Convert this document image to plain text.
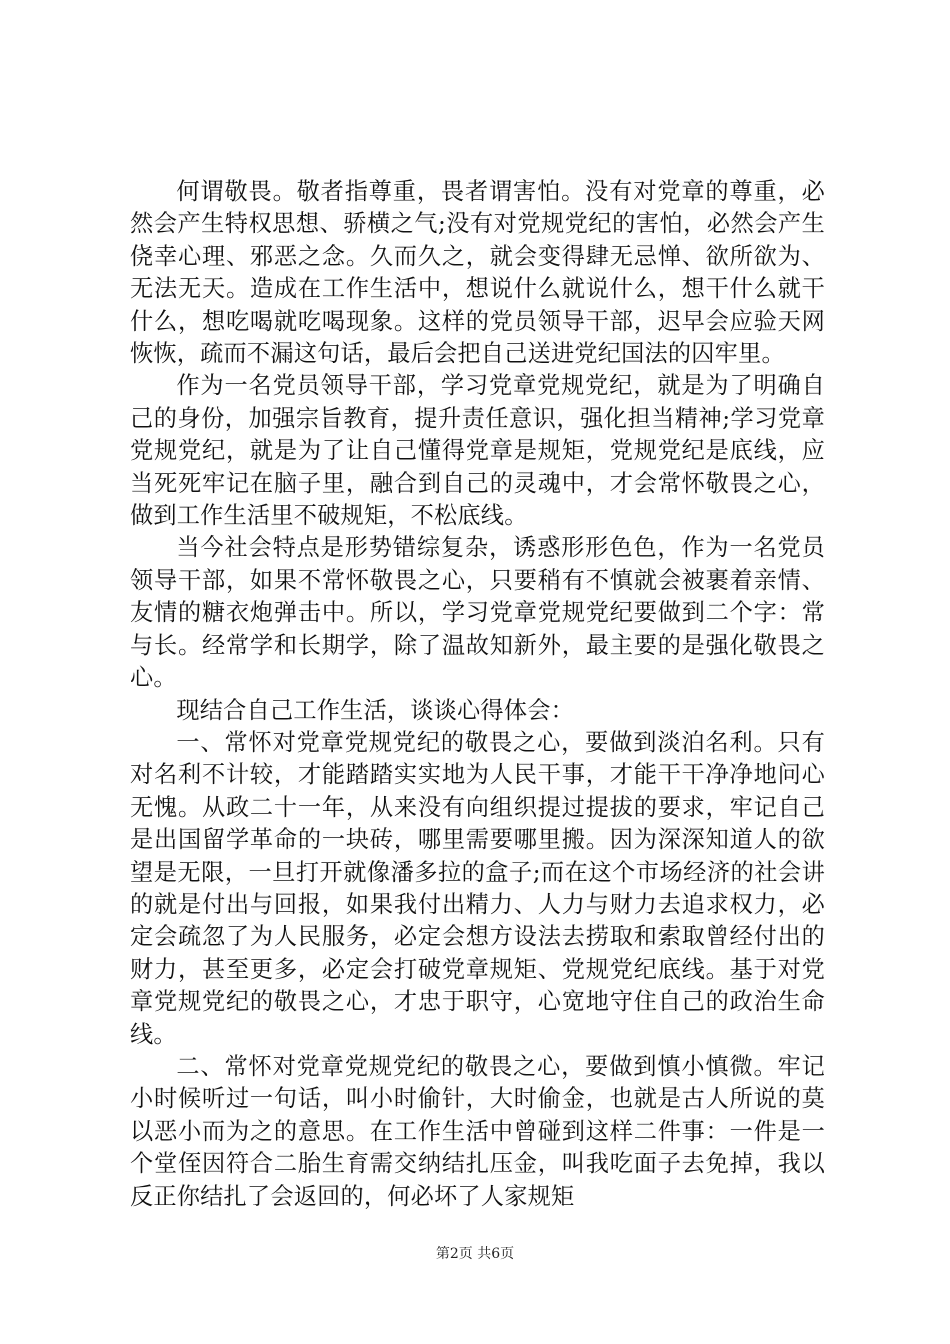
何谓敬畏。敬者指尊重，畏者谓害怕。没有对党章的尊重，必然会产生特权思想、骄横之气;没有对党规党纪的害怕，必然会产生侥幸心理、邪恶之念。久而久之，就会变得肆无忌惮、欲所欲为、无法无天。造成在工作生活中，想说什么就说什么，想干什么就干什么，想吃喝就吃喝现象。这样的党员领导干部，迟早会应验天网恢恢，疏而不漏这句话，最后会把自己送进党纪国法的囚牢里。

作为一名党员领导干部，学习党章党规党纪，就是为了明确自己的身份，加强宗旨教育，提升责任意识，强化担当精神;学习党章党规党纪，就是为了让自己懂得党章是规矩，党规党纪是底线，应当死死牢记在脑子里，融合到自己的灵魂中，才会常怀敬畏之心，做到工作生活里不破规矩，不松底线。

当今社会特点是形势错综复杂，诱惑形形色色，作为一名党员领导干部，如果不常怀敬畏之心，只要稍有不慎就会被裹着亲情、友情的糖衣炮弹击中。所以，学习党章党规党纪要做到二个字：常与长。经常学和长期学，除了温故知新外，最主要的是强化敬畏之心。

现结合自己工作生活，谈谈心得体会：

一、常怀对党章党规党纪的敬畏之心，要做到淡泊名利。只有对名利不计较，才能踏踏实实地为人民干事，才能干干净净地问心无愧。从政二十一年，从来没有向组织提过提拔的要求，牢记自己是出国留学革命的一块砖，哪里需要哪里搬。因为深深知道人的欲望是无限，一旦打开就像潘多拉的盒子;而在这个市场经济的社会讲的就是付出与回报，如果我付出精力、人力与财力去追求权力，必定会疏忽了为人民服务，必定会想方设法去捞取和索取曾经付出的财力，甚至更多，必定会打破党章规矩、党规党纪底线。基于对党章党规党纪的敬畏之心，才忠于职守，心宽地守住自己的政治生命线。

二、常怀对党章党规党纪的敬畏之心，要做到慎小慎微。牢记小时候听过一句话，叫小时偷针，大时偷金，也就是古人所说的莫以恶小而为之的意思。在工作生活中曾碰到这样二件事：一件是一个堂侄因符合二胎生育需交纳结扎压金，叫我吃面子去免掉，我以反正你结扎了会返回的，何必坏了人家规矩

第2页 共6页
